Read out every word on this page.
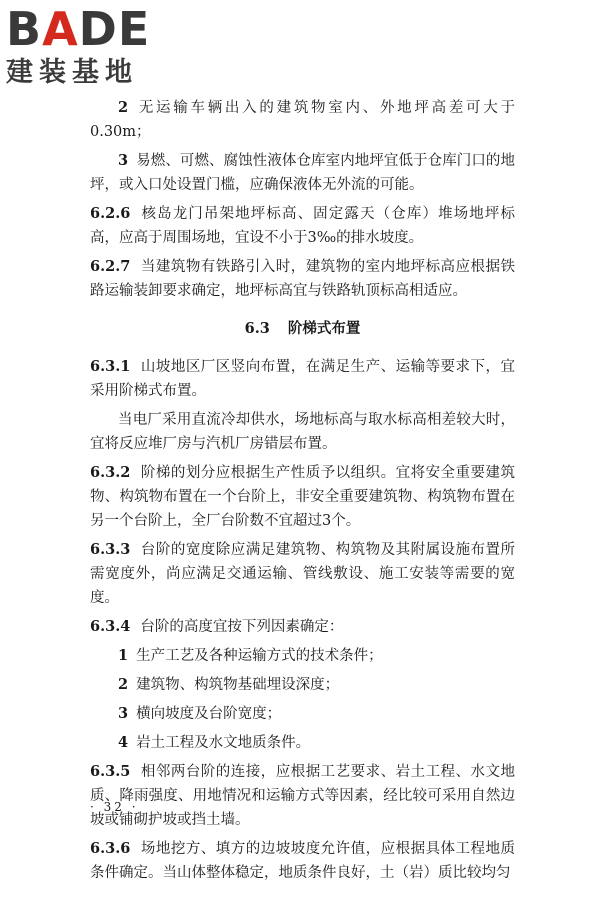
BADE
建装基地

2 无运输车辆出入的建筑物室内、外地坪高差可大于0.30m；

3 易燃、可燃、腐蚀性液体仓库室内地坪宜低于仓库门口的地坪，或入口处设置门槛，应确保液体无外流的可能。

6.2.6 核岛龙门吊架地坪标高、固定露天（仓库）堆场地坪标高，应高于周围场地，宜设不小于3‰的排水坡度。

6.2.7 当建筑物有铁路引入时，建筑物的室内地坪标高应根据铁路运输装卸要求确定，地坪标高宜与铁路轨顶标高相适应。

6.3 阶梯式布置

6.3.1 山坡地区厂区竖向布置，在满足生产、运输等要求下，宜采用阶梯式布置。

当电厂采用直流冷却供水，场地标高与取水标高相差较大时，宜将反应堆厂房与汽机厂房错层布置。

6.3.2 阶梯的划分应根据生产性质予以组织。宜将安全重要建筑物、构筑物布置在一个台阶上，非安全重要建筑物、构筑物布置在另一个台阶上，全厂台阶数不宜超过3个。

6.3.3 台阶的宽度除应满足建筑物、构筑物及其附属设施布置所需宽度外，尚应满足交通运输、管线敷设、施工安装等需要的宽度。

6.3.4 台阶的高度宜按下列因素确定：

1 生产工艺及各种运输方式的技术条件；

2 建筑物、构筑物基础埋设深度；

3 横向坡度及台阶宽度；

4 岩土工程及水文地质条件。

6.3.5 相邻两台阶的连接，应根据工艺要求、岩土工程、水文地质、降雨强度、用地情况和运输方式等因素，经比较可采用自然边坡或铺砌护坡或挡土墙。

6.3.6 场地挖方、填方的边坡坡度允许值，应根据具体工程地质条件确定。当山体整体稳定，地质条件良好，土（岩）质比较均匀

· 32 ·
